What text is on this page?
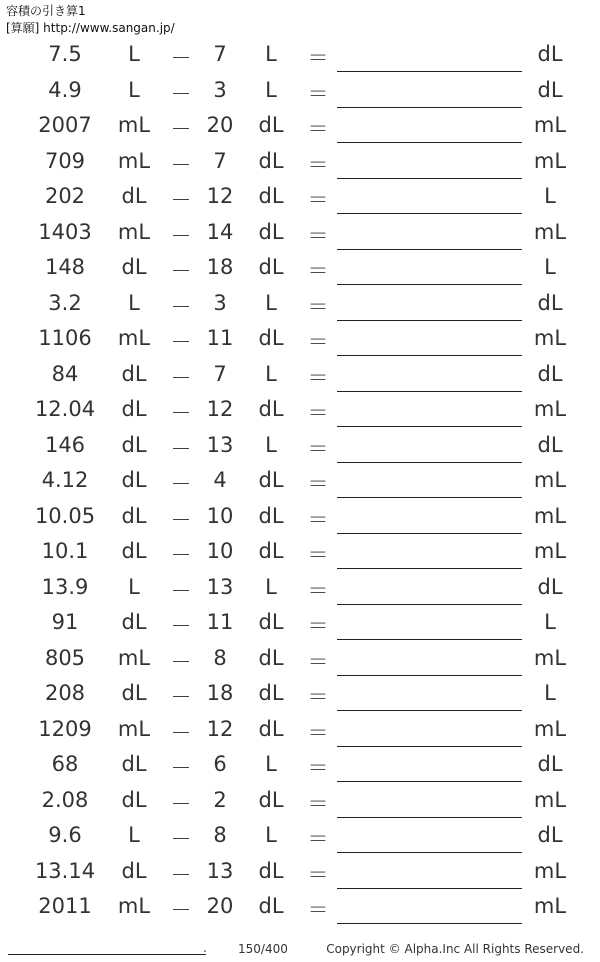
容積の引き算1
[算願] http://www.sangan.jp/
7.5	L	－	7	L	＝	dL
4.9	L	－	3	L	＝	dL
2007	mL － 20	dL	＝	mL
709	mL －	7	dL	＝	mL
202	dL	－ 12	dL	＝	L
1403	mL － 14	dL	＝	mL
148	dL	－ 18	dL	＝	L
3.2	L	－	3	L	＝	dL
1106	mL － 11	dL	＝	mL
84	dL	－	7	L	＝	dL
12.04	dL	－ 12	dL	＝	mL
146	dL	－ 13	L	＝	dL
4.12	dL	－	4	dL	＝	mL
10.05	dL	－ 10	dL	＝	mL
10.1	dL	－ 10	dL	＝	mL
13.9	L	－ 13	L	＝	dL
91	dL	－ 11	dL	＝	L
805	mL －	8	dL	＝	mL
208	dL	－ 18	dL	＝	L
1209	mL － 12	dL	＝	mL
68	dL	－	6	L	＝	dL
2.08	dL	－	2	dL	＝	mL
9.6	L	－	8	L	＝	dL
13.14	dL	－ 13	dL	＝	mL
2011	mL － 20	dL	＝	mL
.	150/400	Copyright © Alpha.Inc All Rights Reserved.
